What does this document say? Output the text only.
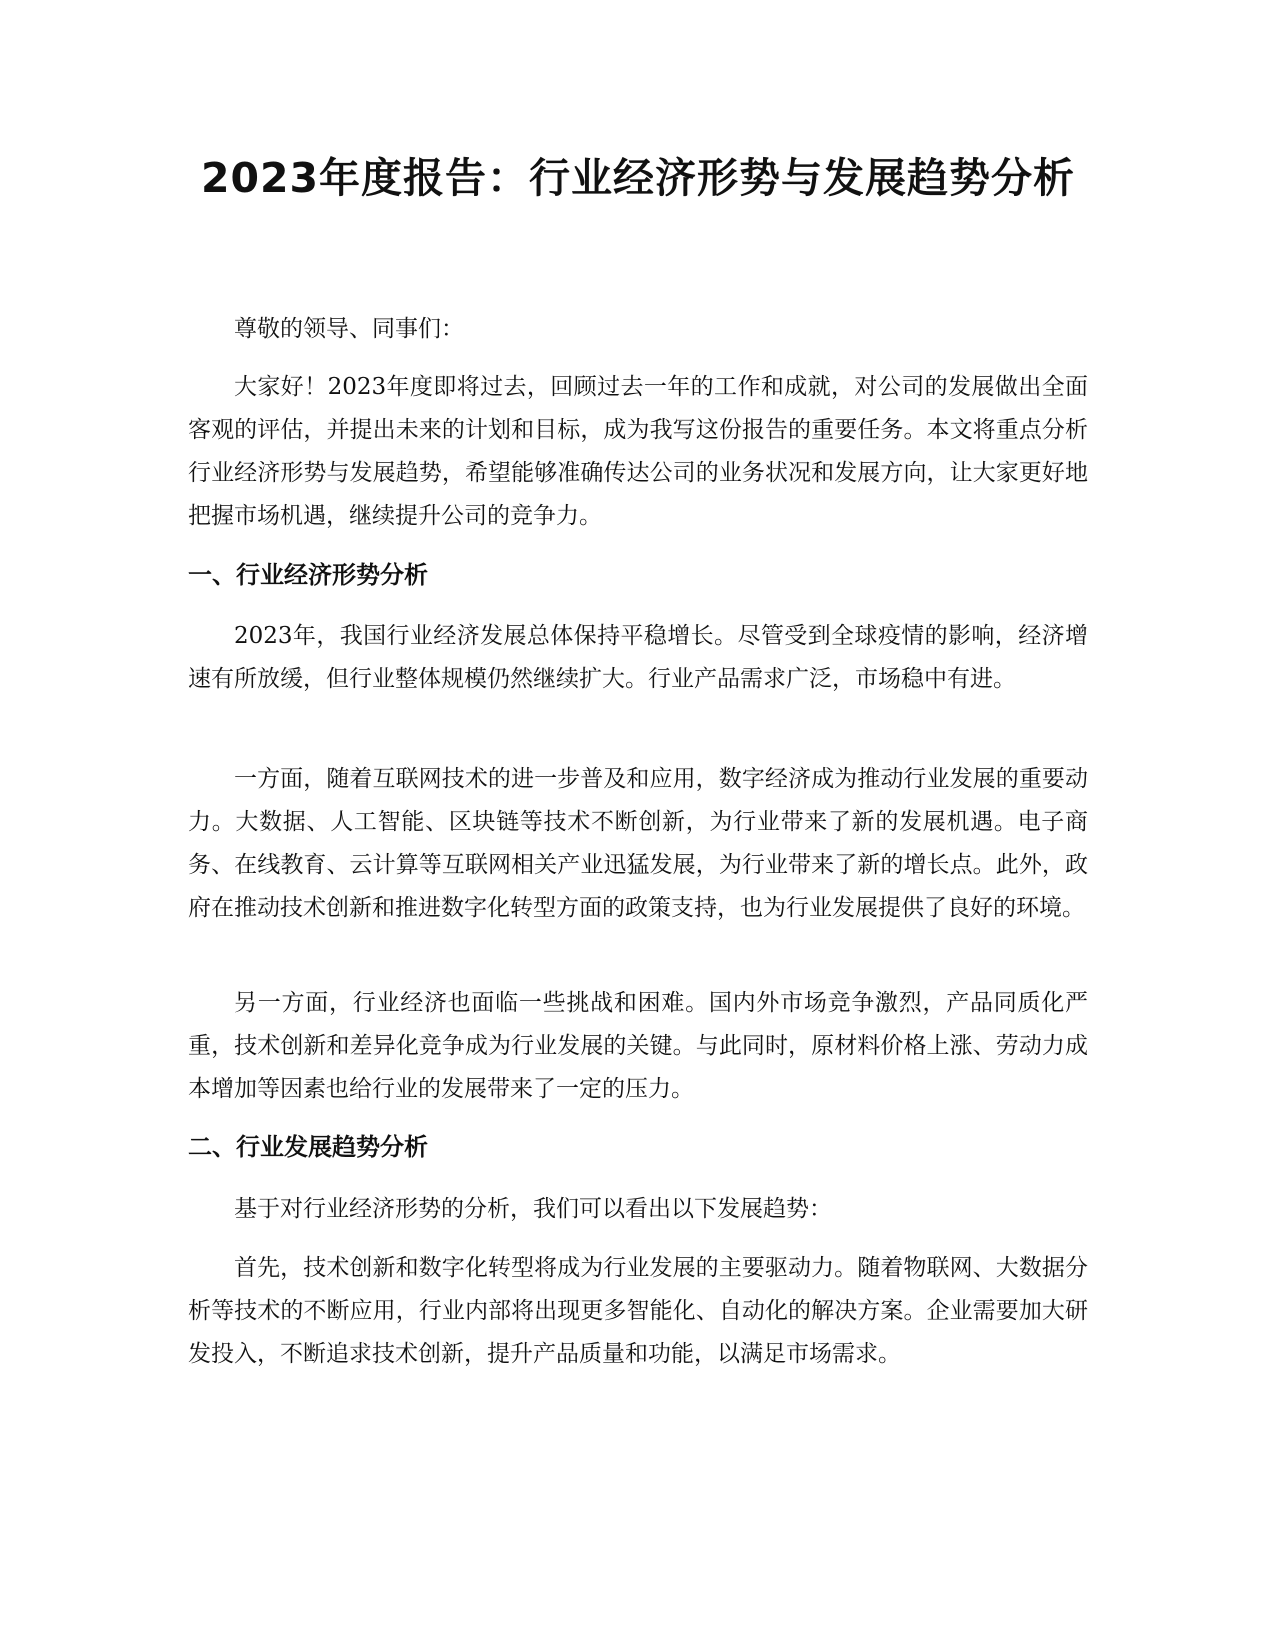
2023年度报告：行业经济形势与发展趋势分析

尊敬的领导、同事们：

大家好！2023年度即将过去，回顾过去一年的工作和成就，对公司的发展做出全面客观的评估，并提出未来的计划和目标，成为我写这份报告的重要任务。本文将重点分析行业经济形势与发展趋势，希望能够准确传达公司的业务状况和发展方向，让大家更好地把握市场机遇，继续提升公司的竞争力。

一、行业经济形势分析

2023年，我国行业经济发展总体保持平稳增长。尽管受到全球疫情的影响，经济增速有所放缓，但行业整体规模仍然继续扩大。行业产品需求广泛，市场稳中有进。

一方面，随着互联网技术的进一步普及和应用，数字经济成为推动行业发展的重要动力。大数据、人工智能、区块链等技术不断创新，为行业带来了新的发展机遇。电子商务、在线教育、云计算等互联网相关产业迅猛发展，为行业带来了新的增长点。此外，政府在推动技术创新和推进数字化转型方面的政策支持，也为行业发展提供了良好的环境。

另一方面，行业经济也面临一些挑战和困难。国内外市场竞争激烈，产品同质化严重，技术创新和差异化竞争成为行业发展的关键。与此同时，原材料价格上涨、劳动力成本增加等因素也给行业的发展带来了一定的压力。

二、行业发展趋势分析

基于对行业经济形势的分析，我们可以看出以下发展趋势：

首先，技术创新和数字化转型将成为行业发展的主要驱动力。随着物联网、大数据分析等技术的不断应用，行业内部将出现更多智能化、自动化的解决方案。企业需要加大研发投入，不断追求技术创新，提升产品质量和功能，以满足市场需求。
